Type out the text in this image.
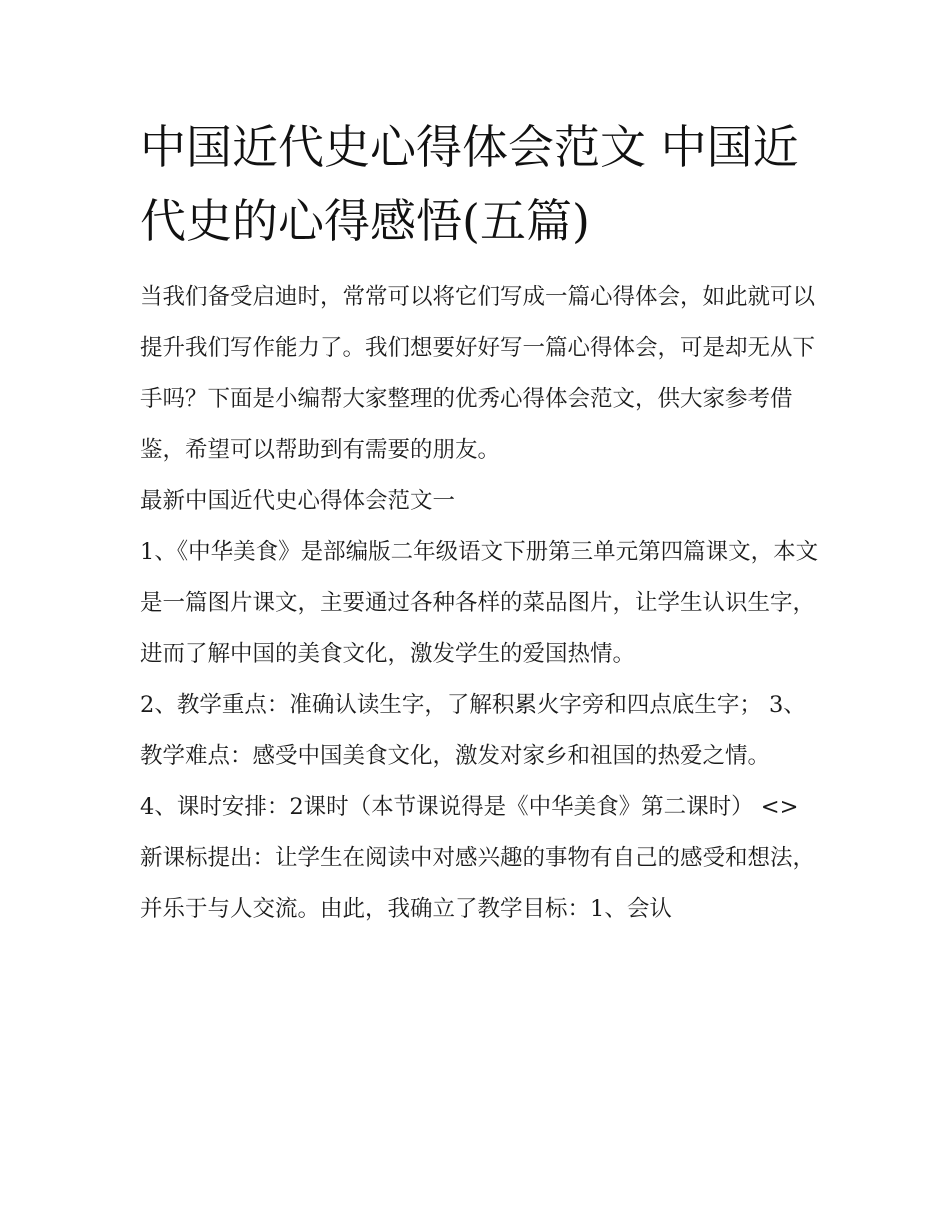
中国近代史心得体会范文 中国近代史的心得感悟(五篇)

当我们备受启迪时，常常可以将它们写成一篇心得体会，如此就可以提升我们写作能力了。我们想要好好写一篇心得体会，可是却无从下手吗？下面是小编帮大家整理的优秀心得体会范文，供大家参考借鉴，希望可以帮助到有需要的朋友。

最新中国近代史心得体会范文一

1、《中华美食》是部编版二年级语文下册第三单元第四篇课文，本文是一篇图片课文，主要通过各种各样的菜品图片，让学生认识生字，进而了解中国的美食文化，激发学生的爱国热情。

2、教学重点：准确认读生字，了解积累火字旁和四点底生字； 3、教学难点：感受中国美食文化，激发对家乡和祖国的热爱之情。

4、课时安排：2课时（本节课说得是《中华美食》第二课时） <>

新课标提出：让学生在阅读中对感兴趣的事物有自己的感受和想法，并乐于与人交流。由此，我确立了教学目标：1、会认
